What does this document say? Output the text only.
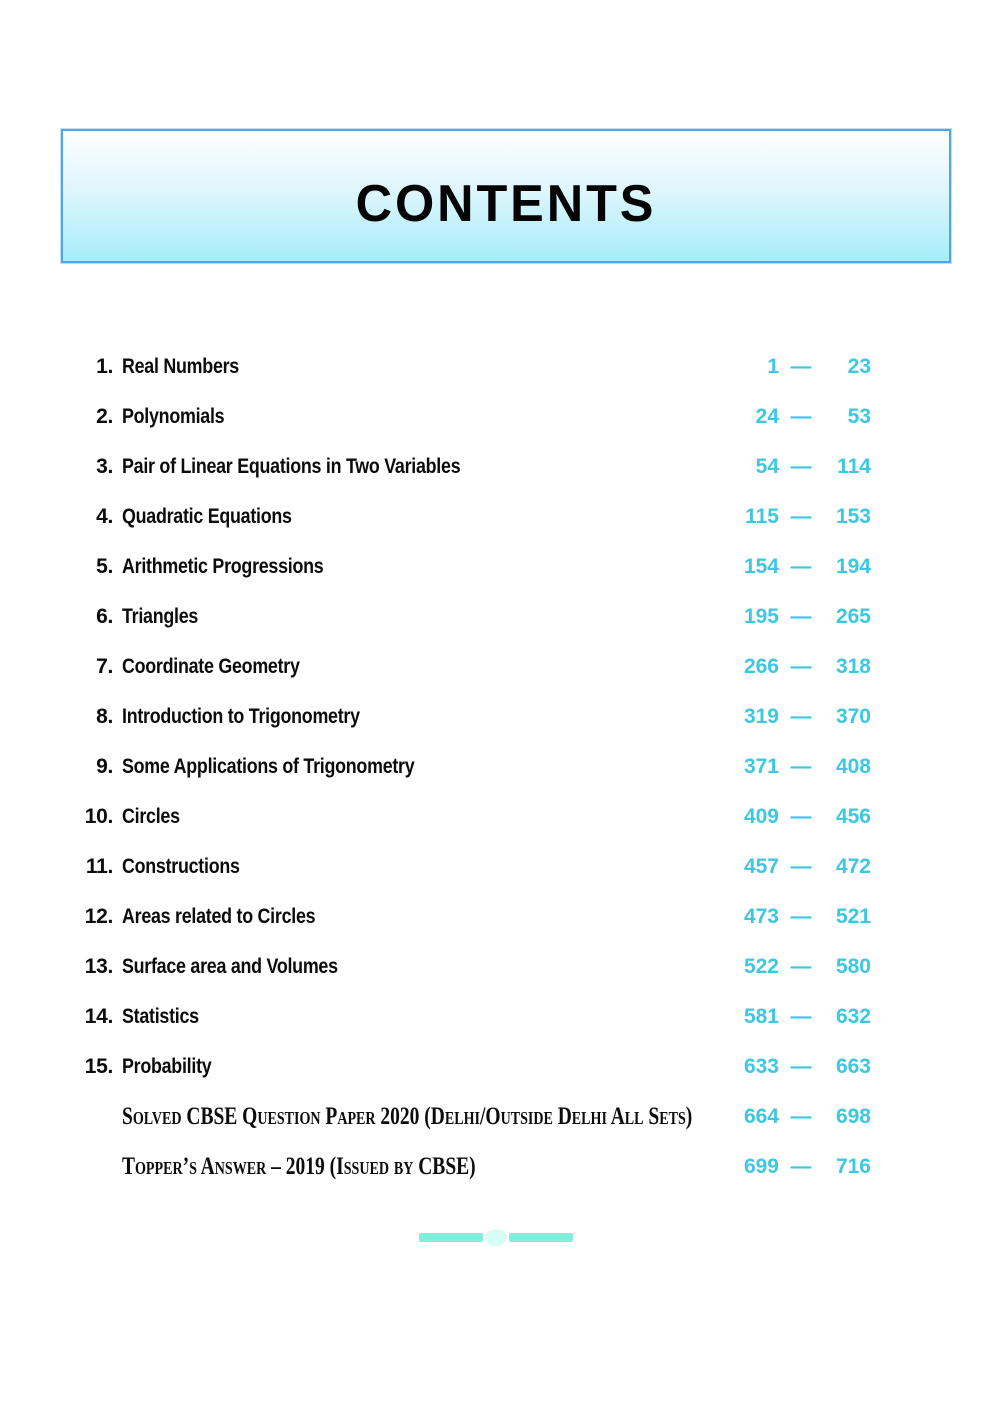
CONTENTS
1. Real Numbers	1 —	23
2. Polynomials	24 —	53
3. Pair of Linear Equations in Two Variables	54 —	114
4. Quadratic Equations	115 —	153
5. Arithmetic Progressions	154 —	194
6. Triangles	195 —	265
7. Coordinate Geometry	266 —	318
8. Introduction to Trigonometry	319 —	370
9. Some Applications of Trigonometry	371 —	408
10. Circles	409 —	456
11. Constructions	457 —	472
12. Areas related to Circles	473 —	521
13. Surface area and Volumes	522 —	580
14. Statistics	581 —	632
15. Probability	633 —	663
Solved CBSE Question Paper 2020 (Delhi/Outside Delhi All Sets)	664 —	698
Topper’s Answer – 2019 (Issued by CBSE)	699 —	716
